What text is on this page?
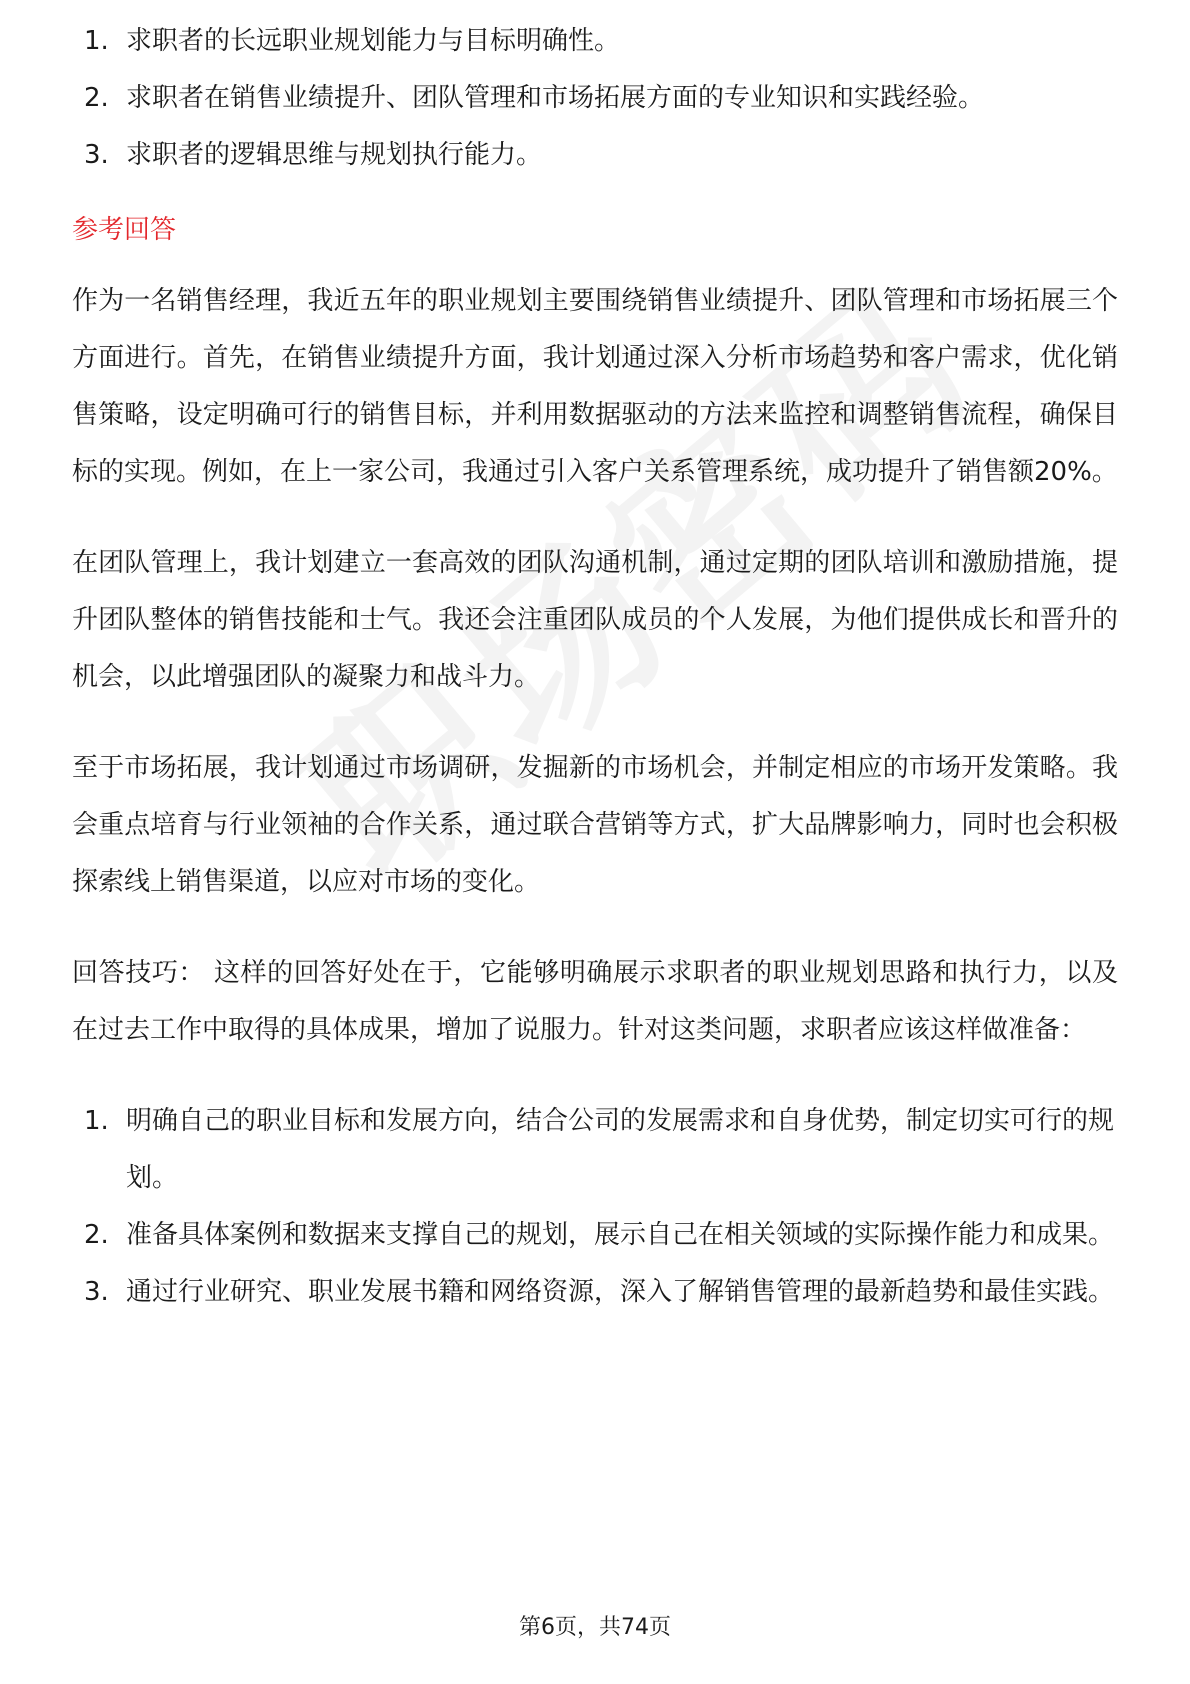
1. 求职者的长远职业规划能力与目标明确性。
2. 求职者在销售业绩提升、团队管理和市场拓展方面的专业知识和实践经验。
3. 求职者的逻辑思维与规划执行能力。
参考回答

作为一名销售经理，我近五年的职业规划主要围绕销售业绩提升、团队管理和市场拓展三个方面进行。首先，在销售业绩提升方面，我计划通过深入分析市场趋势和客户需求，优化销售策略，设定明确可行的销售目标，并利用数据驱动的方法来监控和调整销售流程，确保目标的实现。例如，在上一家公司，我通过引入客户关系管理系统，成功提升了销售额20%。

在团队管理上，我计划建立一套高效的团队沟通机制，通过定期的团队培训和激励措施，提升团队整体的销售技能和士气。我还会注重团队成员的个人发展，为他们提供成长和晋升的机会，以此增强团队的凝聚力和战斗力。

至于市场拓展，我计划通过市场调研，发掘新的市场机会，并制定相应的市场开发策略。我会重点培育与行业领袖的合作关系，通过联合营销等方式，扩大品牌影响力，同时也会积极探索线上销售渠道，以应对市场的变化。

回答技巧： 这样的回答好处在于，它能够明确展示求职者的职业规划思路和执行力，以及在过去工作中取得的具体成果，增加了说服力。针对这类问题，求职者应该这样做准备：

1. 明确自己的职业目标和发展方向，结合公司的发展需求和自身优势，制定切实可行的规划。
2. 准备具体案例和数据来支撑自己的规划，展示自己在相关领域的实际操作能力和成果。
3. 通过行业研究、职业发展书籍和网络资源，深入了解销售管理的最新趋势和最佳实践。
第6页，共74页
